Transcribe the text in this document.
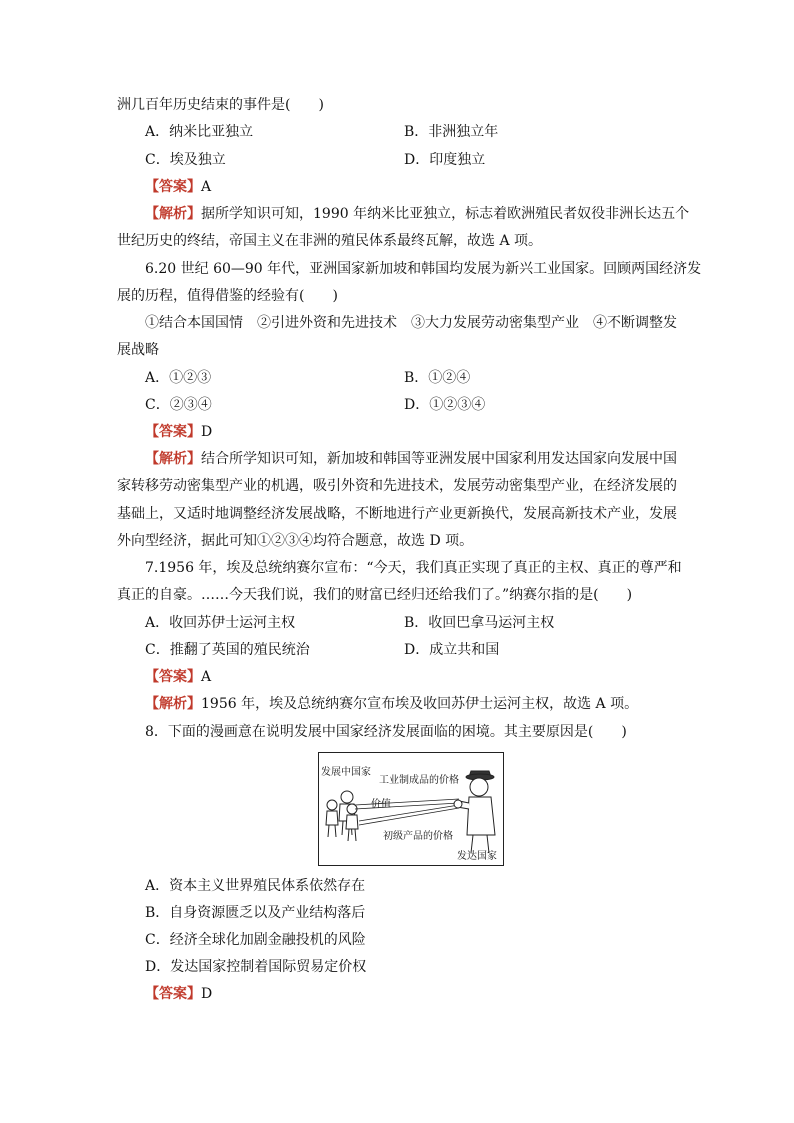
洲几百年历史结束的事件是(　　)
A．纳米比亚独立	B．非洲独立年
C．埃及独立	D．印度独立
【答案】A
【解析】据所学知识可知，1990 年纳米比亚独立，标志着欧洲殖民者奴役非洲长达五个
世纪历史的终结，帝国主义在非洲的殖民体系最终瓦解，故选 A 项。
6.20 世纪 60—90 年代，亚洲国家新加坡和韩国均发展为新兴工业国家。回顾两国经济发
展的历程，值得借鉴的经验有(　　)
①结合本国国情　②引进外资和先进技术　③大力发展劳动密集型产业　④不断调整发
展战略
A．①②③	B．①②④
C．②③④	D．①②③④
【答案】D
【解析】结合所学知识可知，新加坡和韩国等亚洲发展中国家利用发达国家向发展中国
家转移劳动密集型产业的机遇，吸引外资和先进技术，发展劳动密集型产业，在经济发展的
基础上，又适时地调整经济发展战略，不断地进行产业更新换代，发展高新技术产业，发展
外向型经济，据此可知①②③④均符合题意，故选 D 项。
7.1956 年，埃及总统纳赛尔宣布：“今天，我们真正实现了真正的主权、真正的尊严和
真正的自豪。……今天我们说，我们的财富已经归还给我们了。”纳赛尔指的是(　　)
A．收回苏伊士运河主权	B．收回巴拿马运河主权
C．推翻了英国的殖民统治	D．成立共和国
【答案】A
【解析】1956 年，埃及总统纳赛尔宣布埃及收回苏伊士运河主权，故选 A 项。
8．下面的漫画意在说明发展中国家经济发展面临的困境。其主要原因是(　　)
发展中国家
工业制成品的价格
价值
初级产品的价格
发达国家
A．资本主义世界殖民体系依然存在
B．自身资源匮乏以及产业结构落后
C．经济全球化加剧金融投机的风险
D．发达国家控制着国际贸易定价权
【答案】D
